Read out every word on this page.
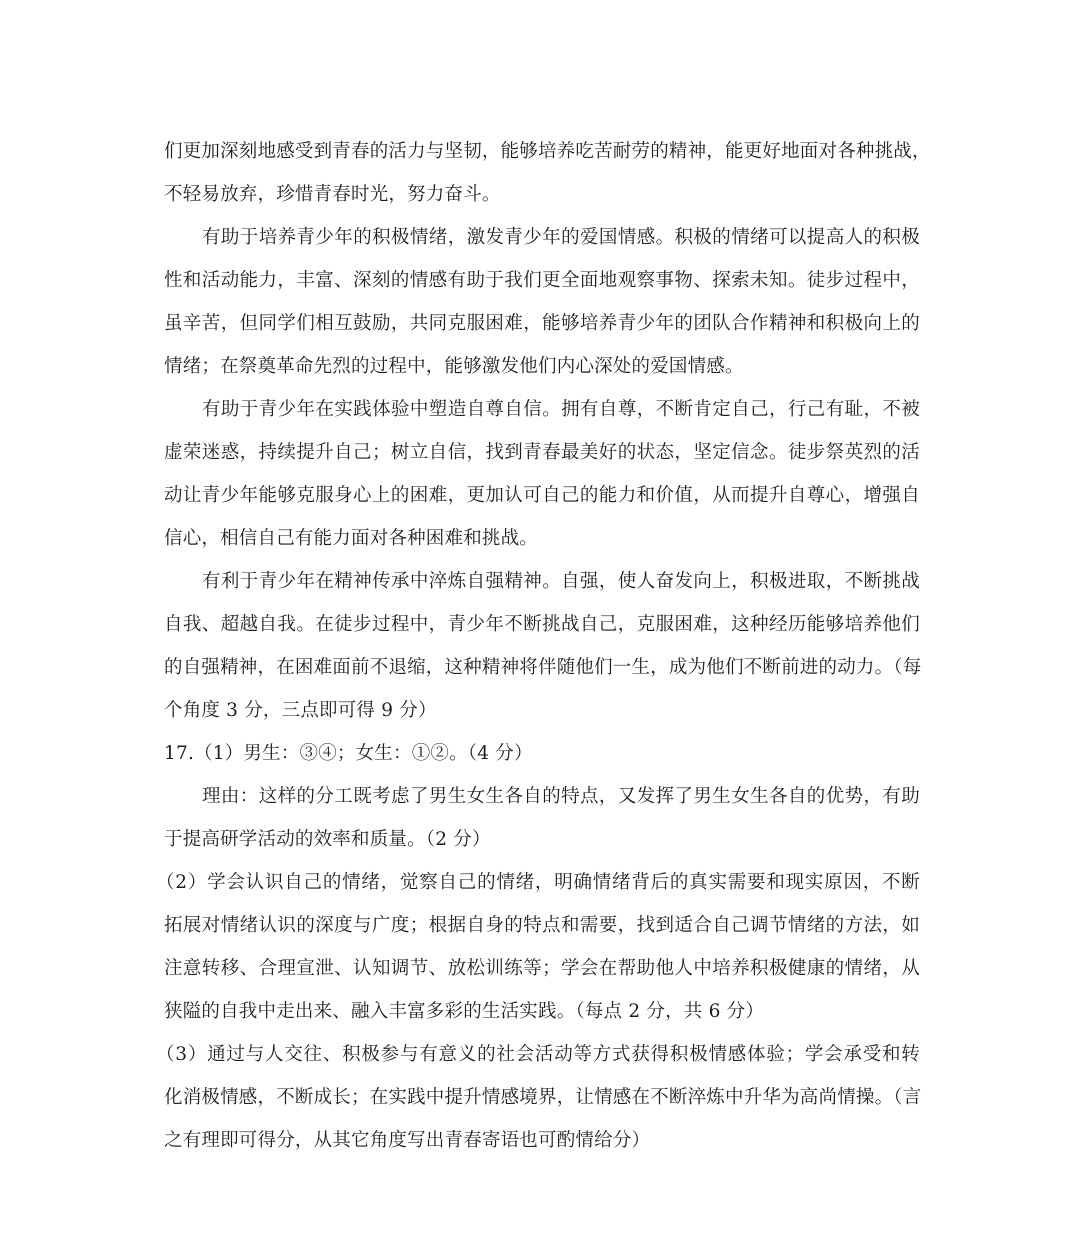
们更加深刻地感受到青春的活力与坚韧，能够培养吃苦耐劳的精神，能更好地面对各种挑战，
不轻易放弃，珍惜青春时光，努力奋斗。
有助于培养青少年的积极情绪，激发青少年的爱国情感。积极的情绪可以提高人的积极
性和活动能力，丰富、深刻的情感有助于我们更全面地观察事物、探索未知。徒步过程中，
虽辛苦，但同学们相互鼓励，共同克服困难，能够培养青少年的团队合作精神和积极向上的
情绪；在祭奠革命先烈的过程中，能够激发他们内心深处的爱国情感。
有助于青少年在实践体验中塑造自尊自信。拥有自尊，不断肯定自己，行己有耻，不被
虚荣迷惑，持续提升自己；树立自信，找到青春最美好的状态，坚定信念。徒步祭英烈的活
动让青少年能够克服身心上的困难，更加认可自己的能力和价值，从而提升自尊心，增强自
信心，相信自己有能力面对各种困难和挑战。
有利于青少年在精神传承中淬炼自强精神。自强，使人奋发向上，积极进取，不断挑战
自我、超越自我。在徒步过程中，青少年不断挑战自己，克服困难，这种经历能够培养他们
的自强精神，在困难面前不退缩，这种精神将伴随他们一生，成为他们不断前进的动力。（每
个角度 3 分，三点即可得 9 分）
17.（1）男生：③④；女生：①②。（4 分）
理由：这样的分工既考虑了男生女生各自的特点，又发挥了男生女生各自的优势，有助
于提高研学活动的效率和质量。（2 分）
（2）学会认识自己的情绪，觉察自己的情绪，明确情绪背后的真实需要和现实原因，不断
拓展对情绪认识的深度与广度；根据自身的特点和需要，找到适合自己调节情绪的方法，如
注意转移、合理宣泄、认知调节、放松训练等；学会在帮助他人中培养积极健康的情绪，从
狭隘的自我中走出来、融入丰富多彩的生活实践。（每点 2 分，共 6 分）
（3）通过与人交往、积极参与有意义的社会活动等方式获得积极情感体验；学会承受和转
化消极情感，不断成长；在实践中提升情感境界，让情感在不断淬炼中升华为高尚情操。（言
之有理即可得分，从其它角度写出青春寄语也可酌情给分）
